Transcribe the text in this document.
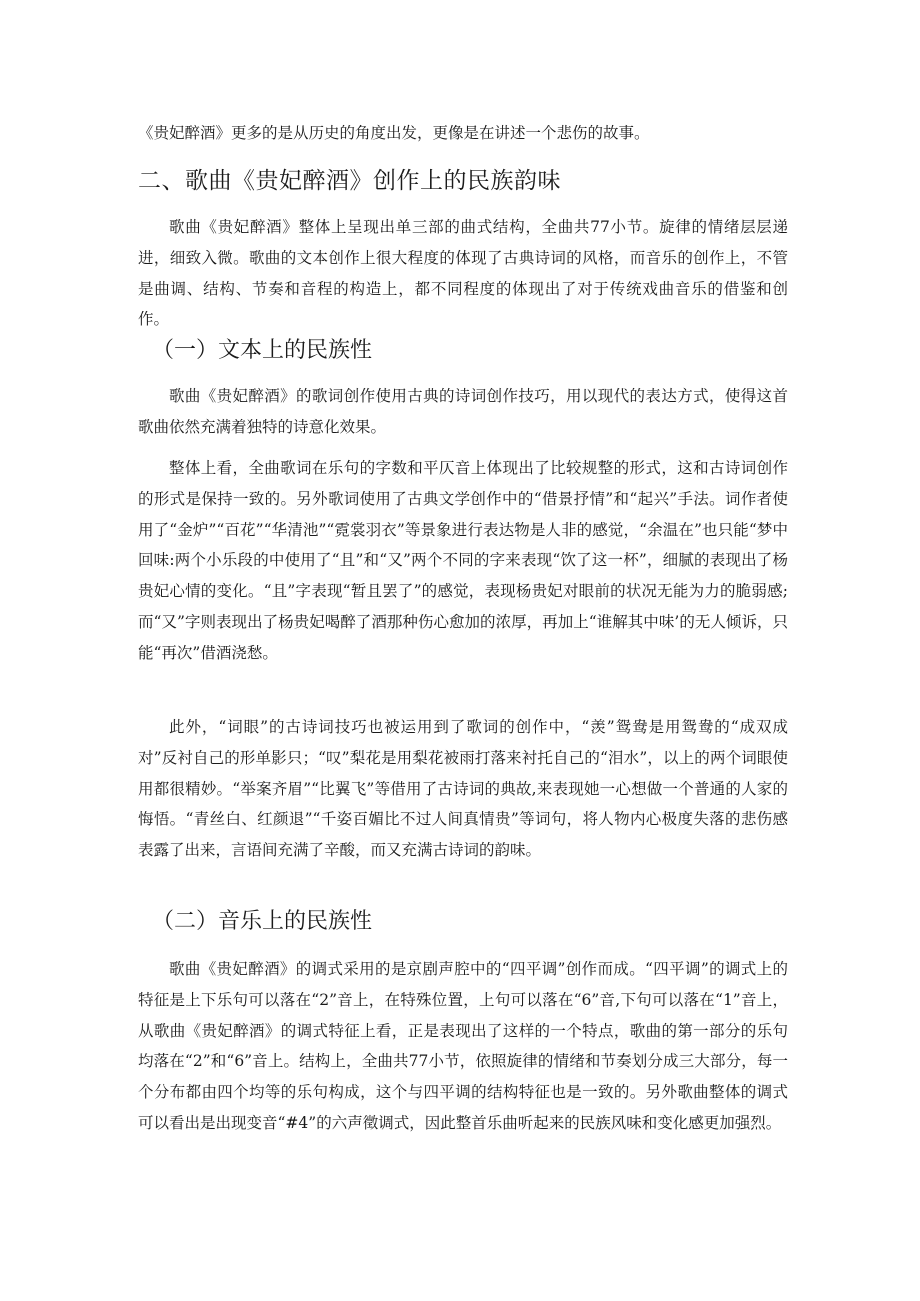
《贵妃醉酒》更多的是从历史的角度出发，更像是在讲述一个悲伤的故事。

二、歌曲《贵妃醉酒》创作上的民族韵味

歌曲《贵妃醉酒》整体上呈现出单三部的曲式结构，全曲共77小节。旋律的情绪层层递进，细致入微。歌曲的文本创作上很大程度的体现了古典诗词的风格，而音乐的创作上，不管是曲调、结构、节奏和音程的构造上，都不同程度的体现出了对于传统戏曲音乐的借鉴和创作。

（一）文本上的民族性

歌曲《贵妃醉酒》的歌词创作使用古典的诗词创作技巧，用以现代的表达方式，使得这首歌曲依然充满着独特的诗意化效果。

整体上看，全曲歌词在乐句的字数和平仄音上体现出了比较规整的形式，这和古诗词创作的形式是保持一致的。另外歌词使用了古典文学创作中的“借景抒情”和“起兴”手法。词作者使用了“金炉”“百花”“华清池”“霓裳羽衣”等景象进行表达物是人非的感觉，“余温在”也只能“梦中回味:两个小乐段的中使用了“且”和“又”两个不同的字来表现“饮了这一杯”，细腻的表现出了杨贵妃心情的变化。“且”字表现“暂且罢了”的感觉，表现杨贵妃对眼前的状况无能为力的脆弱感;而“又”字则表现出了杨贵妃喝醉了酒那种伤心愈加的浓厚，再加上“谁解其中味’的无人倾诉，只能“再次”借酒浇愁。

此外，“词眼”的古诗词技巧也被运用到了歌词的创作中，“羡”鸳鸯是用鸳鸯的“成双成对”反衬自己的形单影只；“叹”梨花是用梨花被雨打落来衬托自己的“泪水”，以上的两个词眼使用都很精妙。“举案齐眉”“比翼飞”等借用了古诗词的典故,来表现她一心想做一个普通的人家的悔悟。“青丝白、红颜退”“千姿百媚比不过人间真情贵”等词句，将人物内心极度失落的悲伤感表露了出来，言语间充满了辛酸，而又充满古诗词的韵味。

（二）音乐上的民族性

歌曲《贵妃醉酒》的调式采用的是京剧声腔中的“四平调”创作而成。“四平调”的调式上的特征是上下乐句可以落在“2”音上，在特殊位置，上句可以落在“6”音,下句可以落在“1”音上，从歌曲《贵妃醉酒》的调式特征上看，正是表现出了这样的一个特点，歌曲的第一部分的乐句均落在“2”和“6”音上。结构上，全曲共77小节，依照旋律的情绪和节奏划分成三大部分，每一个分布都由四个均等的乐句构成，这个与四平调的结构特征也是一致的。另外歌曲整体的调式可以看出是出现变音“#4”的六声徵调式，因此整首乐曲听起来的民族风味和变化感更加强烈。
